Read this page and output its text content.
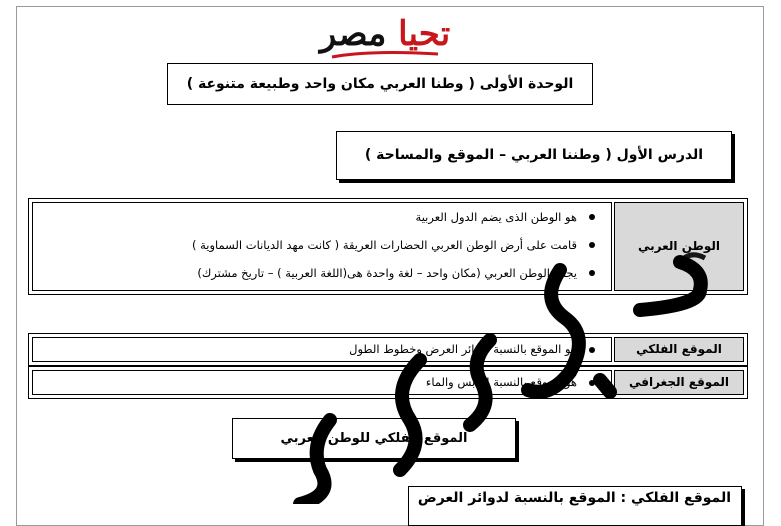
تحيا مصر
الوحدة الأولى ( وطنا العربي مكان واحد وطبيعة متنوعة )
الدرس الأول ( وطننا العربي – الموقع والمساحة )
الوطن العربي
هو الوطن الذى يضم الدول العربية
قامت على أرض الوطن العربي الحضارات العريقة ( كانت مهد الديانات السماوية )
يجمع الوطن العربي (مكان واحد – لغة واحدة هى(اللغة العربية ) – تاريخ مشترك)
الموقع الفلكي
هو الموقع بالنسبة لدوائر العرض وخطوط الطول
الموقع الجغرافي
هو الموقع بالنسبة لليابس والماء
الموقع الفلكي للوطن العربي
الموقع الفلكي : الموقع بالنسبة لدوائر العرض
